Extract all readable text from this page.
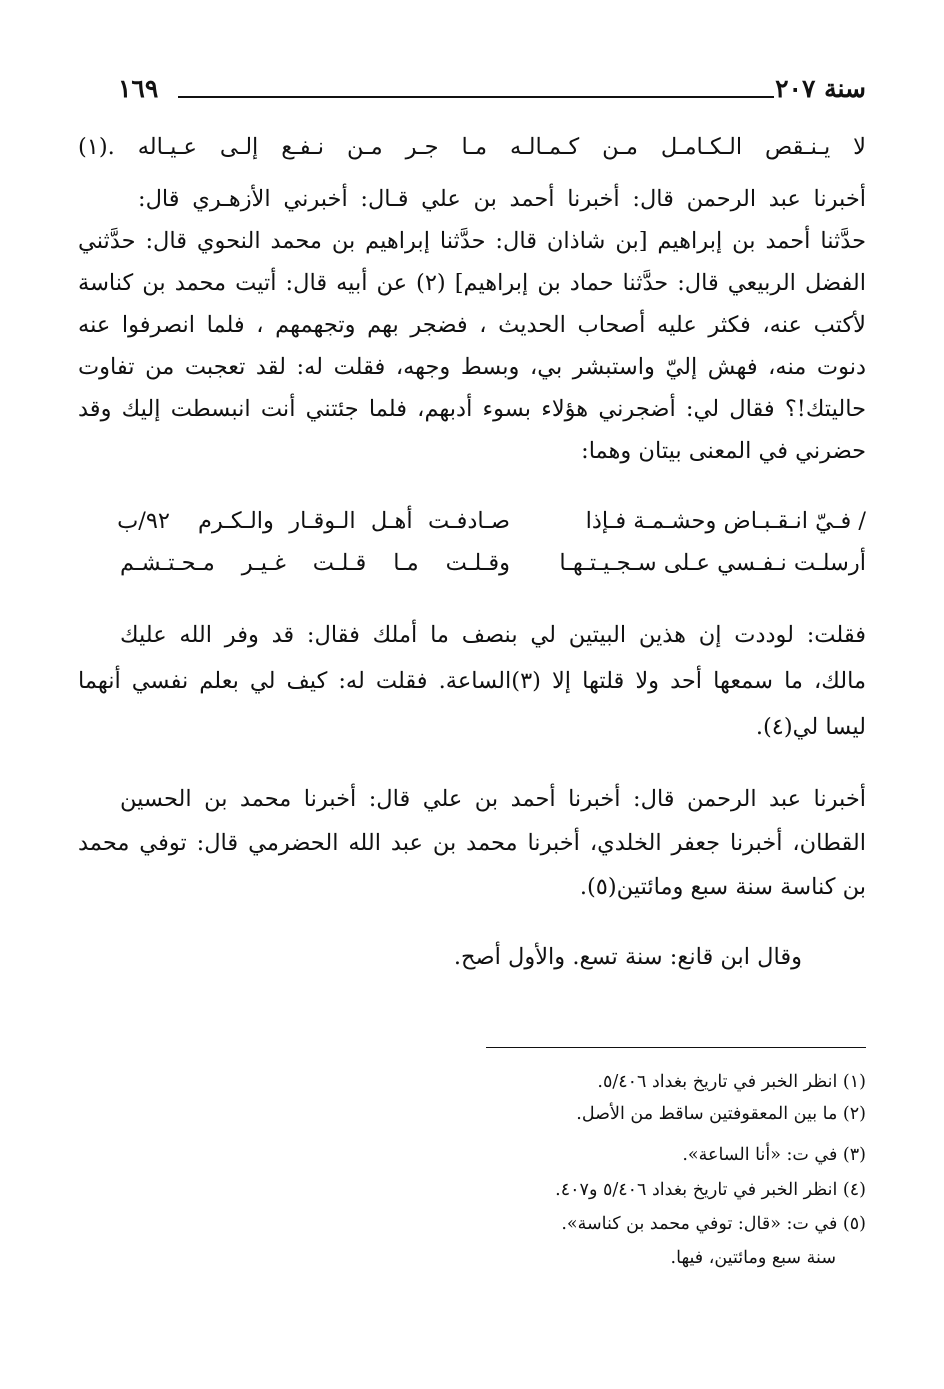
سنة ٢٠٧
١٦٩
لا يـنـقص الـكـامـل مـن كـمـالـه مـا جـر مـن نـفـع إلـى عـيـاله .(١)
أخبرنا عبد الرحمن قال: أخبرنا أحمد بن علي قـال: أخبرني الأزهـري قال:
حدَّثنا أحمد بن إبراهيم [بن شاذان قال: حدَّثنا إبراهيم بن محمد النحوي قال: حدَّثني
الفضل الربيعي قال: حدَّثنا حماد بن إبراهيم] (٢) عن أبيه قال: أتيت محمد بن كناسة
لأكتب عنه، فكثر عليه أصحاب الحديث ، فضجر بهم وتجهمهم ، فلما انصرفوا عنه
دنوت منه، فهش إليّ واستبشر بي، وبسط وجهه، فقلت له: لقد تعجبت من تفاوت
حاليتك!؟ فقال لي: أضجرني هؤلاء بسوء أدبهم، فلما جئتني أنت انبسطت إليك وقد
حضرني في المعنى بيتان وهما:
/ فـيّ انـقـبـاض وحشـمـة فـإذا
صـادفـت أهـل الـوقـار والـكـرم
٩٢/ب
أرسلـت نـفـسي عـلى سـجـيـتـهـا
وقـلـت مـا قـلـت غـيـر مـحـتـشـم
فقلت: لوددت إن هذين البيتين لي بنصف ما أملك فقال: قد وفر الله عليك
مالك، ما سمعها أحد ولا قلتها إلا (٣)الساعة. فقلت له: كيف لي بعلم نفسي أنهما
ليسا لي(٤).
أخبرنا عبد الرحمن قال: أخبرنا أحمد بن علي قال: أخبرنا محمد بن الحسين
القطان، أخبرنا جعفر الخلدي، أخبرنا محمد بن عبد الله الحضرمي قال: توفي محمد
بن كناسة سنة سبع ومائتين(٥).
وقال ابن قانع: سنة تسع. والأول أصح.
(١) انظر الخبر في تاريخ بغداد ٥/٤٠٦.
(٢) ما بين المعقوفتين ساقط من الأصل.
(٣) في ت: «أنا الساعة».
(٤) انظر الخبر في تاريخ بغداد ٥/٤٠٦ و٤٠٧.
(٥) في ت: «قال: توفي محمد بن كناسة».
سنة سبع ومائتين، فيها.
